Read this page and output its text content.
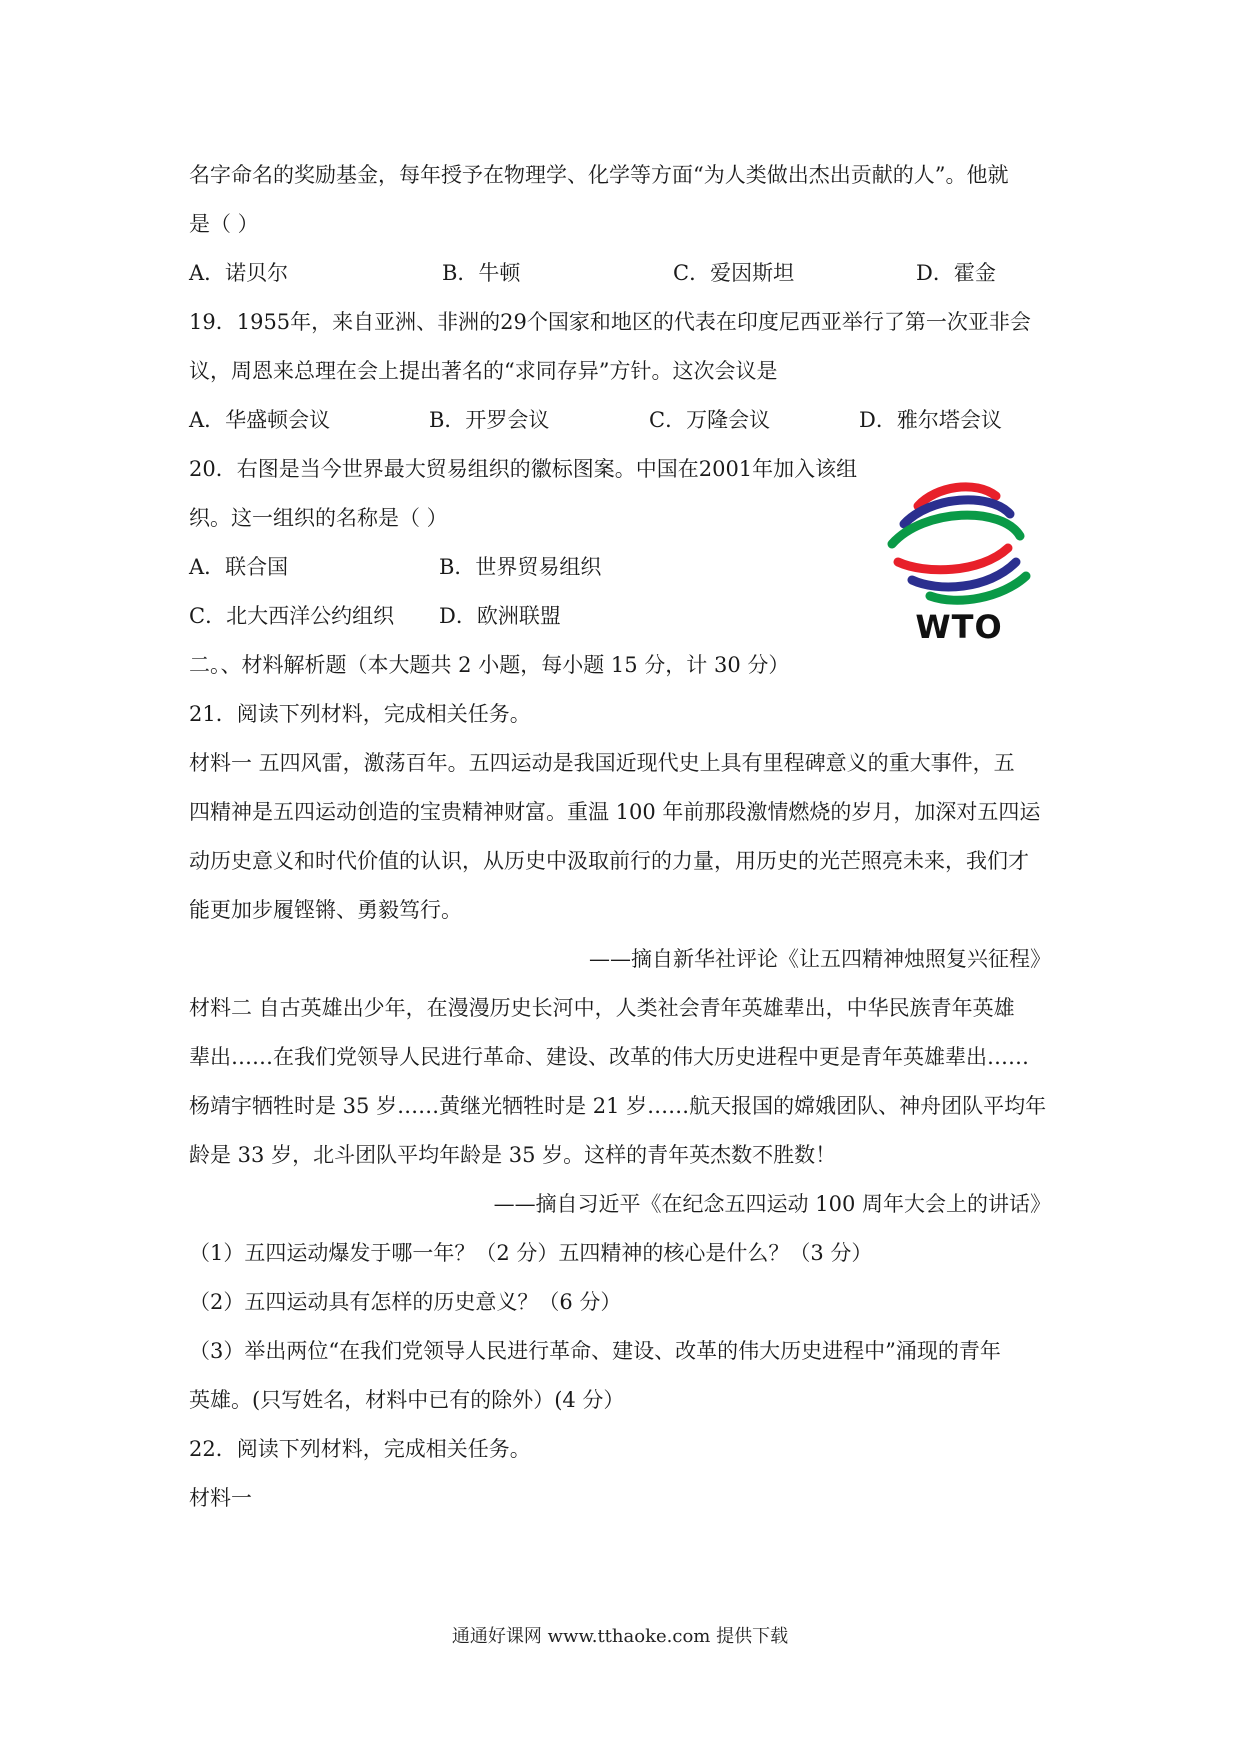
名字命名的奖励基金，每年授予在物理学、化学等方面“为人类做出杰出贡献的人”。他就
是（ ）
A．诺贝尔	B．牛顿	C．爱因斯坦	D．霍金
19．1955年，来自亚洲、非洲的29个国家和地区的代表在印度尼西亚举行了第一次亚非会
议，周恩来总理在会上提出著名的“求同存异”方针。这次会议是
A．华盛顿会议	B．开罗会议	C．万隆会议	D．雅尔塔会议
20．右图是当今世界最大贸易组织的徽标图案。中国在2001年加入该组
织。这一组织的名称是（ ）
A．联合国	B．世界贸易组织
C．北大西洋公约组织	D．欧洲联盟
二。、材料解析题（本大题共 2 小题，每小题 15 分，计 30 分）
21．阅读下列材料，完成相关任务。
材料一 五四风雷，激荡百年。五四运动是我国近现代史上具有里程碑意义的重大事件，五
四精神是五四运动创造的宝贵精神财富。重温 100 年前那段激情燃烧的岁月，加深对五四运
动历史意义和时代价值的认识，从历史中汲取前行的力量，用历史的光芒照亮未来，我们才
能更加步履铿锵、勇毅笃行。
——摘自新华社评论《让五四精神烛照复兴征程》
材料二 自古英雄出少年，在漫漫历史长河中，人类社会青年英雄辈出，中华民族青年英雄
辈出……在我们党领导人民进行革命、建设、改革的伟大历史进程中更是青年英雄辈出……
杨靖宇牺牲时是 35 岁……黄继光牺牲时是 21 岁……航天报国的嫦娥团队、神舟团队平均年
龄是 33 岁，北斗团队平均年龄是 35 岁。这样的青年英杰数不胜数！
——摘自习近平《在纪念五四运动 100 周年大会上的讲话》
（1）五四运动爆发于哪一年？（2 分）五四精神的核心是什么？（3 分）
（2）五四运动具有怎样的历史意义？（6 分）
（3）举出两位“在我们党领导人民进行革命、建设、改革的伟大历史进程中”涌现的青年
英雄。(只写姓名，材料中已有的除外）(4 分）
22．阅读下列材料，完成相关任务。
材料一
WTO
通通好课网 www.tthaoke.com 提供下载
